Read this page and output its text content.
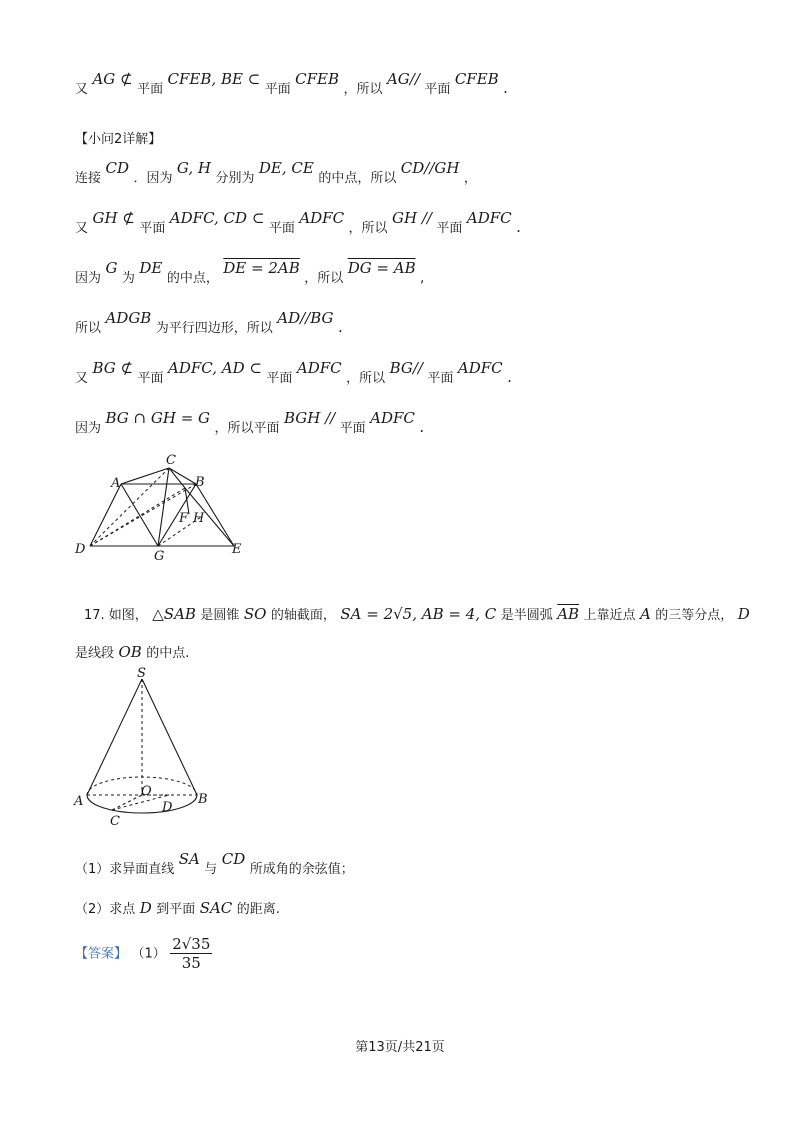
又 AG ⊄ 平面 CFEB, BE ⊂ 平面 CFEB ，所以 AG// 平面 CFEB .
【小问2详解】
连接 CD ．因为 G, H 分别为 DE, CE 的中点，所以 CD//GH ，
又 GH ⊄ 平面 ADFC, CD ⊂ 平面 ADFC ，所以 GH // 平面 ADFC .
因为 G 为 DE 的中点， DE = 2AB ，所以 DG = AB ,
所以 ADGB 为平行四边形，所以 AD//BG .
又 BG ⊄ 平面 ADFC, AD ⊂ 平面 ADFC ，所以 BG// 平面 ADFC .
因为 BG ∩ GH = G ，所以平面 BGH // 平面 ADFC .
A
C
B
F H
D	G	E
17. 如图， △SAB 是圆锥 SO 的轴截面， SA = 2√5, AB = 4, C 是半圆弧 $\overline{AB}$ 上靠近点 A 的三等分点， D
是线段 OB 的中点.
S
O
A	B
D
C
（1）求异面直线 SA 与 CD 所成角的余弦值；
（2）求点 D 到平面 SAC 的距离.
【答案】 $(1) \frac{2√35}{35}$
第13页/共21页
